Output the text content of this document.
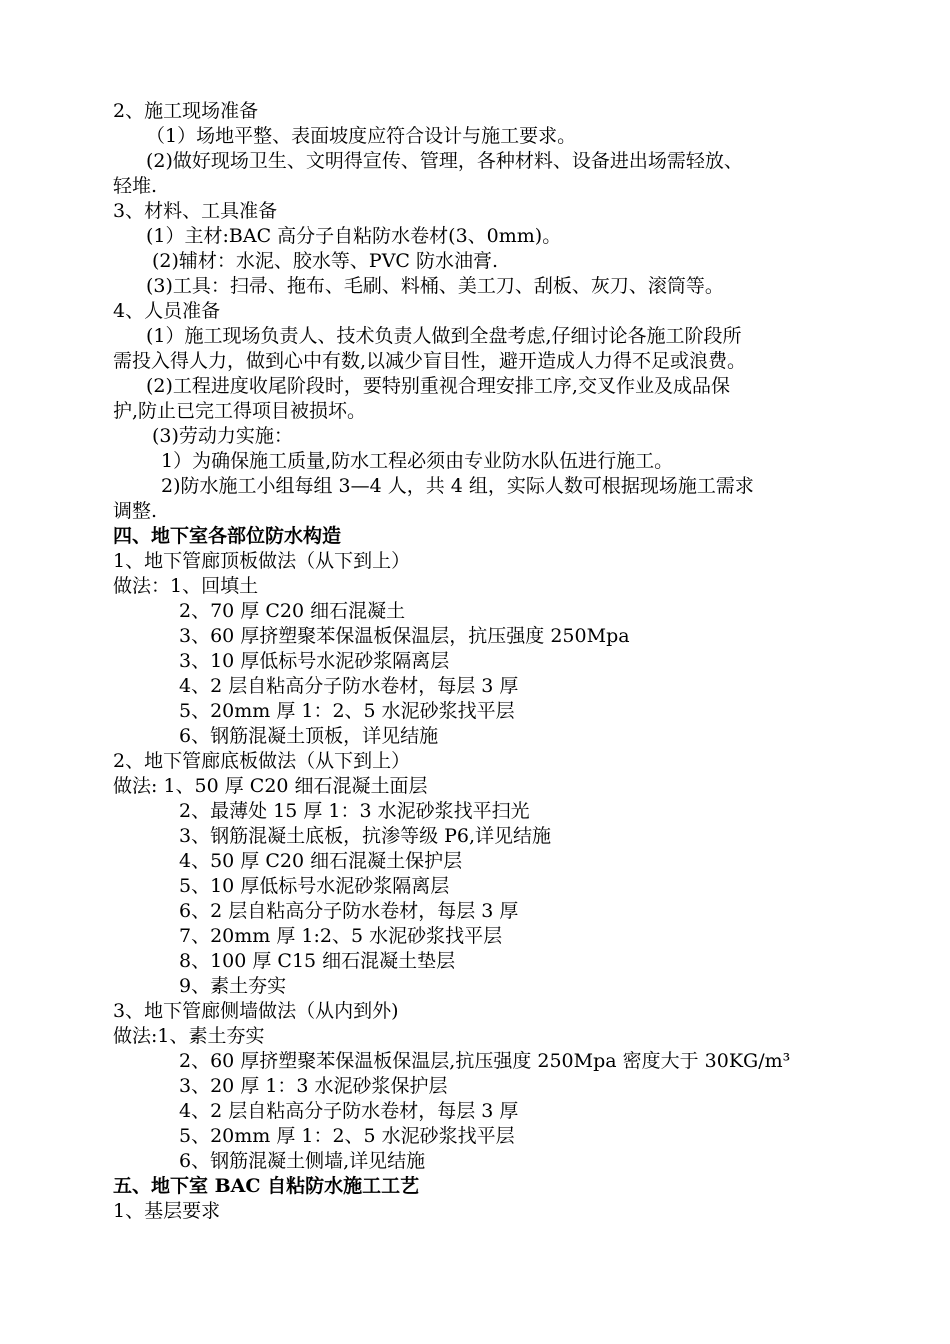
2、施工现场准备
（1）场地平整、表面坡度应符合设计与施工要求。
(2)做好现场卫生、文明得宣传、管理，各种材料、设备进出场需轻放、
轻堆.
3、材料、工具准备
(1）主材:BAC 高分子自粘防水卷材(3、0mm)。
(2)辅材：水泥、胶水等、PVC 防水油膏.
(3)工具：扫帚、拖布、毛刷、料桶、美工刀、刮板、灰刀、滚筒等。
4、人员准备
(1）施工现场负责人、技术负责人做到全盘考虑,仔细讨论各施工阶段所
需投入得人力，做到心中有数,以减少盲目性，避开造成人力得不足或浪费。
(2)工程进度收尾阶段时，要特别重视合理安排工序,交叉作业及成品保
护,防止已完工得项目被损坏。
(3)劳动力实施：
1）为确保施工质量,防水工程必须由专业防水队伍进行施工。
2)防水施工小组每组 3—4 人，共 4 组，实际人数可根据现场施工需求
调整.
四、地下室各部位防水构造
1、地下管廊顶板做法（从下到上）
做法：1、回填土
2、70 厚 C20 细石混凝土
3、60 厚挤塑聚苯保温板保温层，抗压强度 250Mpa
3、10 厚低标号水泥砂浆隔离层
4、2 层自粘高分子防水卷材，每层 3 厚
5、20mm 厚 1：2、5 水泥砂浆找平层
6、钢筋混凝土顶板，详见结施
2、地下管廊底板做法（从下到上）
做法: 1、50 厚 C20 细石混凝土面层
2、最薄处 15 厚 1：3 水泥砂浆找平扫光
3、钢筋混凝土底板，抗渗等级 P6,详见结施
4、50 厚 C20 细石混凝土保护层
5、10 厚低标号水泥砂浆隔离层
6、2 层自粘高分子防水卷材，每层 3 厚
7、20mm 厚 1:2、5 水泥砂浆找平层
8、100 厚 C15 细石混凝土垫层
9、素土夯实
3、地下管廊侧墙做法（从内到外)
做法:1、素土夯实
2、60 厚挤塑聚苯保温板保温层,抗压强度 250Mpa 密度大于 30KG/m³
3、20 厚 1：3 水泥砂浆保护层
4、2 层自粘高分子防水卷材，每层 3 厚
5、20mm 厚 1：2、5 水泥砂浆找平层
6、钢筋混凝土侧墙,详见结施
五、地下室 BAC 自粘防水施工工艺
1、基层要求
